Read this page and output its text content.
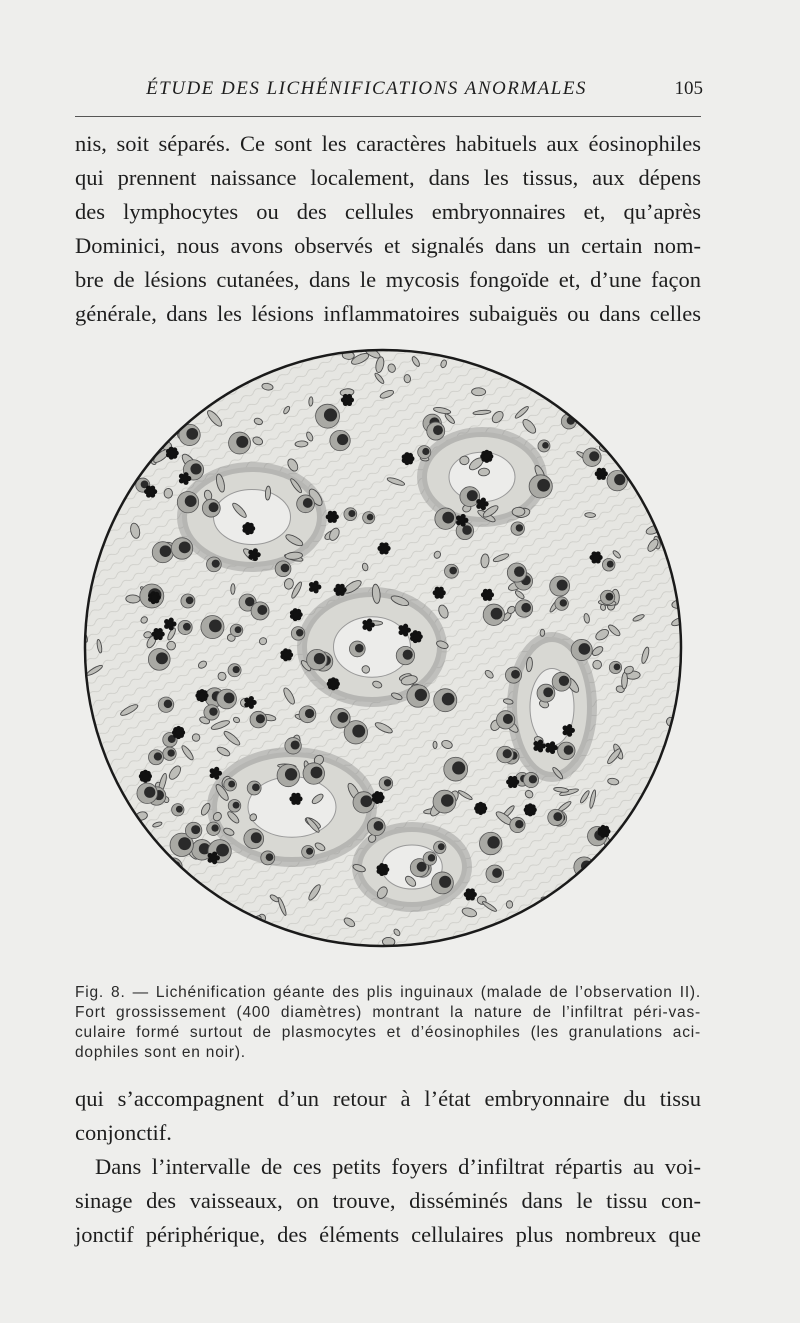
ÉTUDE DES LICHÉNIFICATIONS ANORMALES	105

nis, soit séparés. Ce sont les caractères habituels aux éosinophiles

qui prennent naissance localement, dans les tissus, aux dépens

des lymphocytes ou des cellules embryonnaires et, qu’après

Dominici, nous avons observés et signalés dans un certain nom-

bre de lésions cutanées, dans le mycosis fongoïde et, d’une façon

générale, dans les lésions inflammatoires subaiguës ou dans celles

Fig. 8. — Lichénification géante des plis inguinaux (malade de l’observation II).
Fort grossissement (400 diamètres) montrant la nature de l’infiltrat péri-vas-
culaire formé surtout de plasmocytes et d’éosinophiles (les granulations aci-
dophiles sont en noir).

qui s’accompagnent d’un retour à l’état embryonnaire du tissu

conjonctif.

Dans l’intervalle de ces petits foyers d’infiltrat répartis au voi-

sinage des vaisseaux, on trouve, disséminés dans le tissu con-

jonctif périphérique, des éléments cellulaires plus nombreux que
